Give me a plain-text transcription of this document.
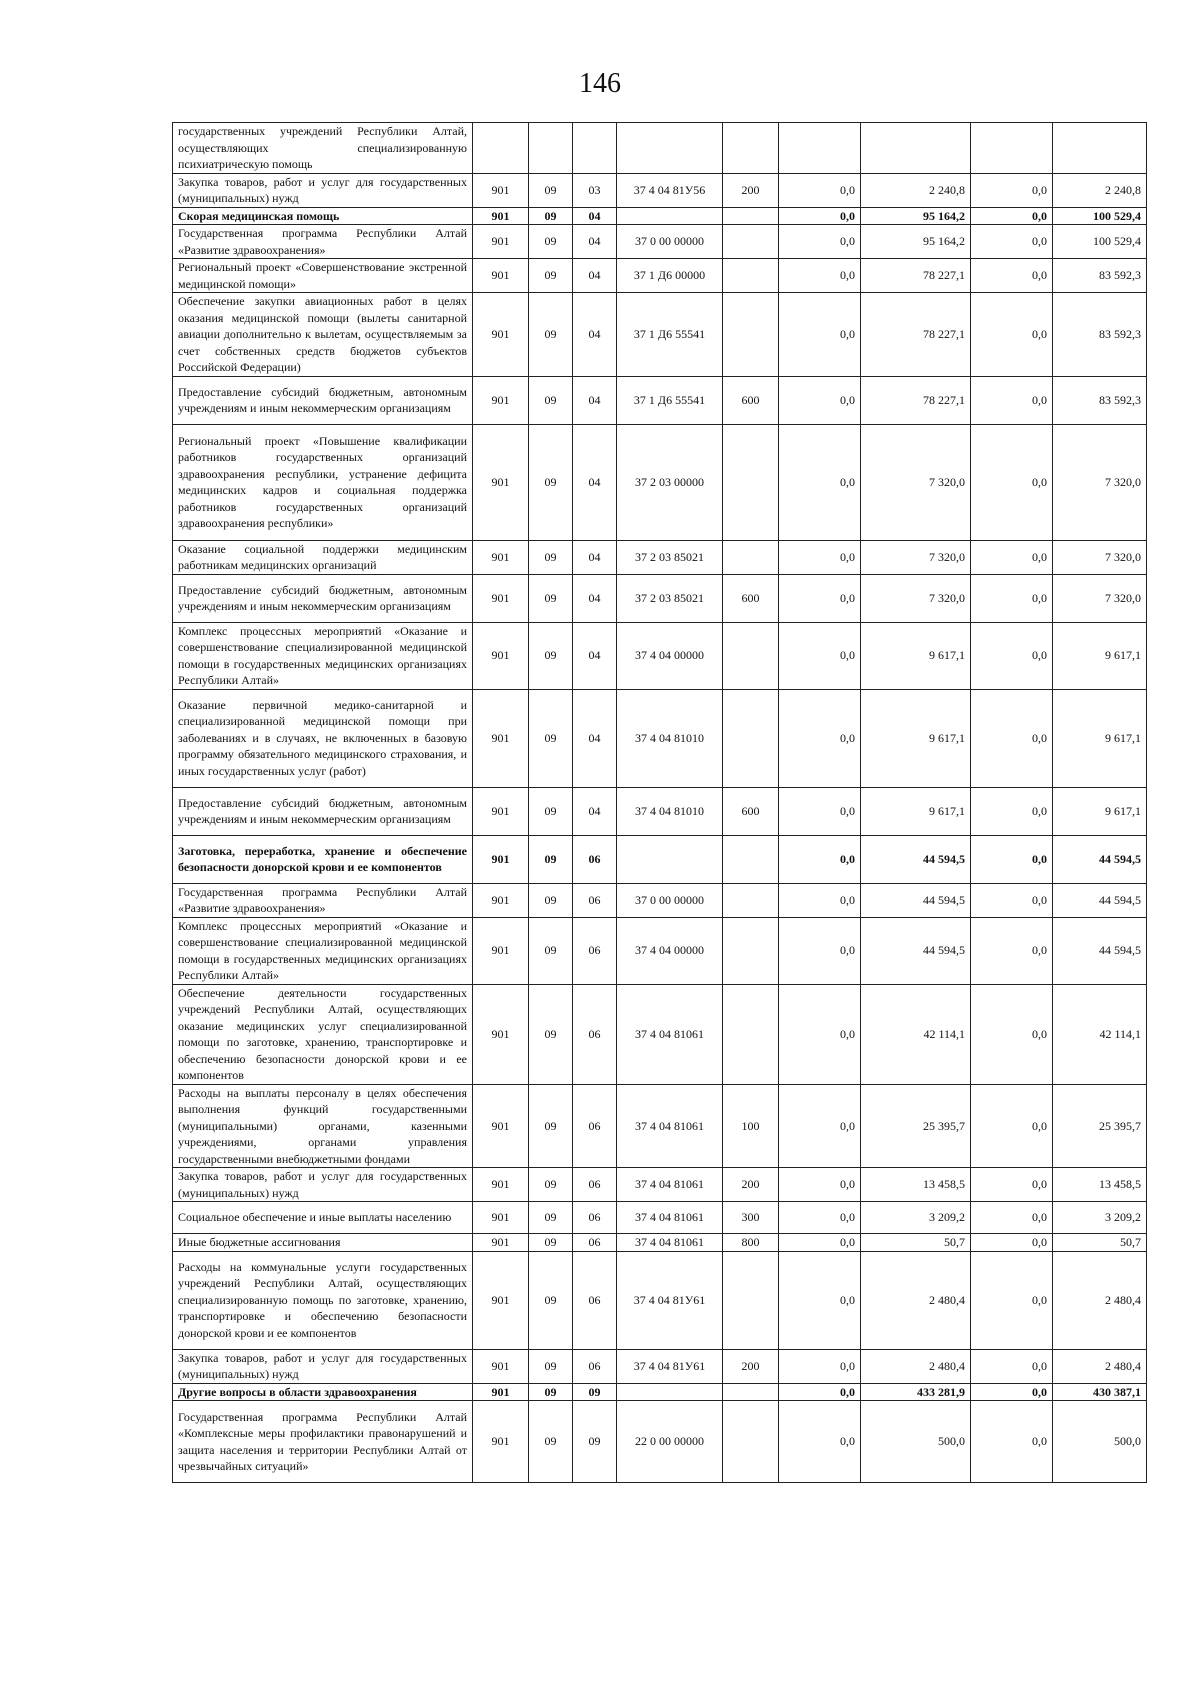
146
государственных учреждений Республики Алтай, осуществляющих специализированную психиатрическую помощь									
Закупка товаров, работ и услуг для государственных (муниципальных) нужд	901	09	03	37 4 04 81У56	200	0,0	2 240,8	0,0	2 240,8
Скорая медицинская помощь	901	09	04			0,0	95 164,2	0,0	100 529,4
Государственная программа Республики Алтай «Развитие здравоохранения»	901	09	04	37 0 00 00000		0,0	95 164,2	0,0	100 529,4
Региональный проект «Совершенствование экстренной медицинской помощи»	901	09	04	37 1 Д6 00000		0,0	78 227,1	0,0	83 592,3
Обеспечение закупки авиационных работ в целях оказания медицинской помощи (вылеты санитарной авиации дополнительно к вылетам, осуществляемым за счет собственных средств бюджетов субъектов Российской Федерации)	901	09	04	37 1 Д6 55541		0,0	78 227,1	0,0	83 592,3
Предоставление субсидий бюджетным, автономным учреждениям и иным некоммерческим организациям	901	09	04	37 1 Д6 55541	600	0,0	78 227,1	0,0	83 592,3
Региональный проект «Повышение квалификации работников государственных организаций здравоохранения республики, устранение дефицита медицинских кадров и социальная поддержка работников государственных организаций здравоохранения республики»	901	09	04	37 2 03 00000		0,0	7 320,0	0,0	7 320,0
Оказание социальной поддержки медицинским работникам медицинских организаций	901	09	04	37 2 03 85021		0,0	7 320,0	0,0	7 320,0
Предоставление субсидий бюджетным, автономным учреждениям и иным некоммерческим организациям	901	09	04	37 2 03 85021	600	0,0	7 320,0	0,0	7 320,0
Комплекс процессных мероприятий «Оказание и совершенствование специализированной медицинской помощи в государственных медицинских организациях Республики Алтай»	901	09	04	37 4 04 00000		0,0	9 617,1	0,0	9 617,1
Оказание первичной медико-санитарной и специализированной медицинской помощи при заболеваниях и в случаях, не включенных в базовую программу обязательного медицинского страхования, и иных государственных услуг (работ)	901	09	04	37 4 04 81010		0,0	9 617,1	0,0	9 617,1
Предоставление субсидий бюджетным, автономным учреждениям и иным некоммерческим организациям	901	09	04	37 4 04 81010	600	0,0	9 617,1	0,0	9 617,1
Заготовка, переработка, хранение и обеспечение безопасности донорской крови и ее компонентов	901	09	06			0,0	44 594,5	0,0	44 594,5
Государственная программа Республики Алтай «Развитие здравоохранения»	901	09	06	37 0 00 00000		0,0	44 594,5	0,0	44 594,5
Комплекс процессных мероприятий «Оказание и совершенствование специализированной медицинской помощи в государственных медицинских организациях Республики Алтай»	901	09	06	37 4 04 00000		0,0	44 594,5	0,0	44 594,5
Обеспечение деятельности государственных учреждений Республики Алтай, осуществляющих оказание медицинских услуг специализированной помощи по заготовке, хранению, транспортировке и обеспечению безопасности донорской крови и ее компонентов	901	09	06	37 4 04 81061		0,0	42 114,1	0,0	42 114,1
Расходы на выплаты персоналу в целях обеспечения выполнения функций государственными (муниципальными) органами, казенными учреждениями, органами управления государственными внебюджетными фондами	901	09	06	37 4 04 81061	100	0,0	25 395,7	0,0	25 395,7
Закупка товаров, работ и услуг для государственных (муниципальных) нужд	901	09	06	37 4 04 81061	200	0,0	13 458,5	0,0	13 458,5
Социальное обеспечение и иные выплаты населению	901	09	06	37 4 04 81061	300	0,0	3 209,2	0,0	3 209,2
Иные бюджетные ассигнования	901	09	06	37 4 04 81061	800	0,0	50,7	0,0	50,7
Расходы на коммунальные услуги государственных учреждений Республики Алтай, осуществляющих специализированную помощь по заготовке, хранению, транспортировке и обеспечению безопасности донорской крови и ее компонентов	901	09	06	37 4 04 81У61		0,0	2 480,4	0,0	2 480,4
Закупка товаров, работ и услуг для государственных (муниципальных) нужд	901	09	06	37 4 04 81У61	200	0,0	2 480,4	0,0	2 480,4
Другие вопросы в области здравоохранения	901	09	09			0,0	433 281,9	0,0	430 387,1
Государственная программа Республики Алтай «Комплексные меры профилактики правонарушений и защита населения и территории Республики Алтай от чрезвычайных ситуаций»	901	09	09	22 0 00 00000		0,0	500,0	0,0	500,0
